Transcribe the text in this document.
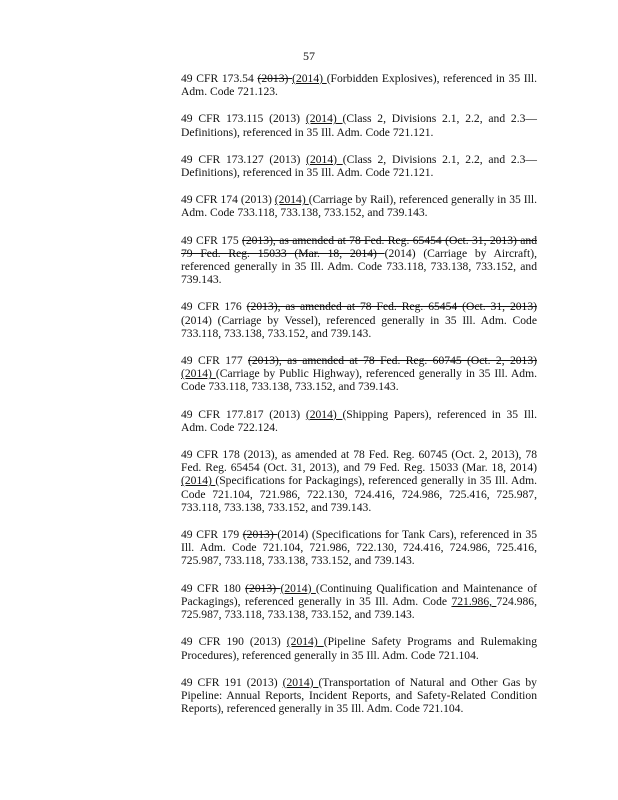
57

49 CFR 173.54 (2013) (2014) (Forbidden Explosives), referenced in 35 Ill. Adm. Code 721.123.

49 CFR 173.115 (2013) (2014) (Class 2, Divisions 2.1, 2.2, and 2.3—Definitions), referenced in 35 Ill. Adm. Code 721.121.

49 CFR 173.127 (2013) (2014) (Class 2, Divisions 2.1, 2.2, and 2.3—Definitions), referenced in 35 Ill. Adm. Code 721.121.

49 CFR 174 (2013) (2014) (Carriage by Rail), referenced generally in 35 Ill. Adm. Code 733.118, 733.138, 733.152, and 739.143.

49 CFR 175 (2013), as amended at 78 Fed. Reg. 65454 (Oct. 31, 2013) and 79 Fed. Reg. 15033 (Mar. 18, 2014) (2014) (Carriage by Aircraft), referenced generally in 35 Ill. Adm. Code 733.118, 733.138, 733.152, and 739.143.

49 CFR 176 (2013), as amended at 78 Fed. Reg. 65454 (Oct. 31, 2013) (2014) (Carriage by Vessel), referenced generally in 35 Ill. Adm. Code 733.118, 733.138, 733.152, and 739.143.

49 CFR 177 (2013), as amended at 78 Fed. Reg. 60745 (Oct. 2, 2013) (2014) (Carriage by Public Highway), referenced generally in 35 Ill. Adm. Code 733.118, 733.138, 733.152, and 739.143.

49 CFR 177.817 (2013) (2014) (Shipping Papers), referenced in 35 Ill. Adm. Code 722.124.

49 CFR 178 (2013), as amended at 78 Fed. Reg. 60745 (Oct. 2, 2013), 78 Fed. Reg. 65454 (Oct. 31, 2013), and 79 Fed. Reg. 15033 (Mar. 18, 2014) (2014) (Specifications for Packagings), referenced generally in 35 Ill. Adm. Code 721.104, 721.986, 722.130, 724.416, 724.986, 725.416, 725.987, 733.118, 733.138, 733.152, and 739.143.

49 CFR 179 (2013) (2014) (Specifications for Tank Cars), referenced in 35 Ill. Adm. Code 721.104, 721.986, 722.130, 724.416, 724.986, 725.416, 725.987, 733.118, 733.138, 733.152, and 739.143.

49 CFR 180 (2013) (2014) (Continuing Qualification and Maintenance of Packagings), referenced generally in 35 Ill. Adm. Code 721.986, 724.986, 725.987, 733.118, 733.138, 733.152, and 739.143.

49 CFR 190 (2013) (2014) (Pipeline Safety Programs and Rulemaking Procedures), referenced generally in 35 Ill. Adm. Code 721.104.

49 CFR 191 (2013) (2014) (Transportation of Natural and Other Gas by Pipeline: Annual Reports, Incident Reports, and Safety-Related Condition Reports), referenced generally in 35 Ill. Adm. Code 721.104.
